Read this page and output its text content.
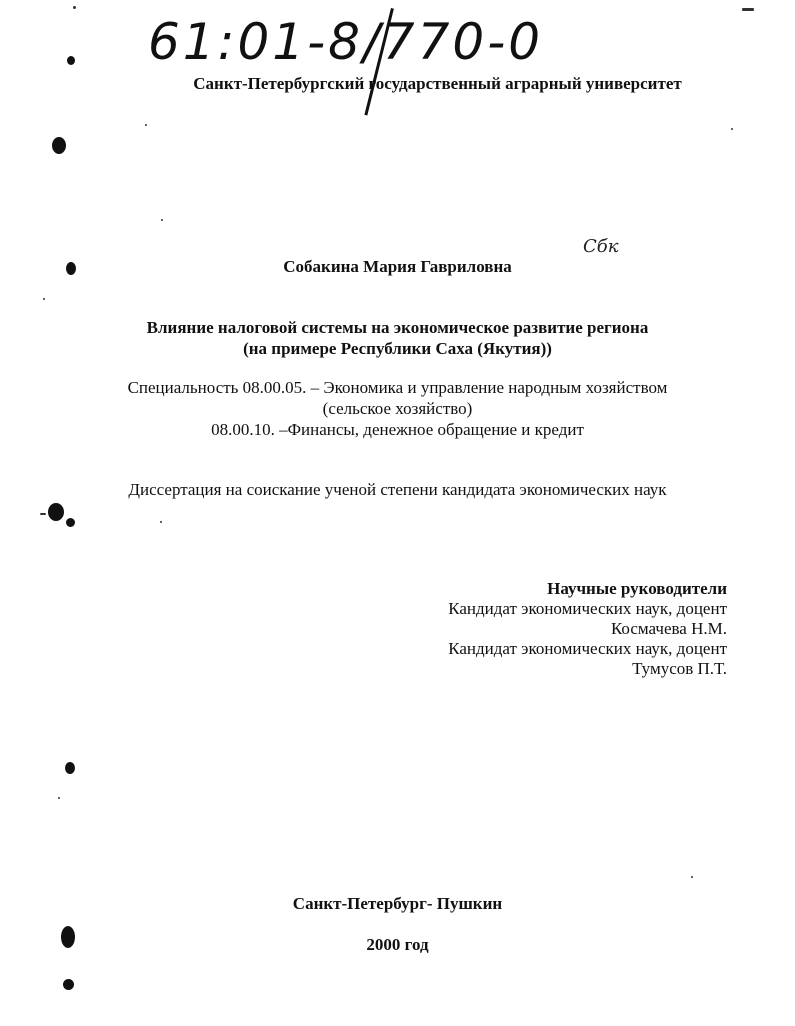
61:01-8/770-0
Санкт-Петербургский государственный аграрный университет
Собакина Мария Гавриловна
Сбк
Влияние налоговой системы на экономическое развитие региона
(на примере Республики Саха (Якутия))
Специальность 08.00.05. – Экономика и управление народным хозяйством
(сельское хозяйство)
08.00.10. –Финансы, денежное обращение и кредит
Диссертация на соискание ученой степени кандидата экономических наук
Научные руководители
Кандидат экономических наук, доцент
Космачева Н.М.
Кандидат экономических наук, доцент
Тумусов П.Т.
Санкт-Петербург- Пушкин
2000 год
